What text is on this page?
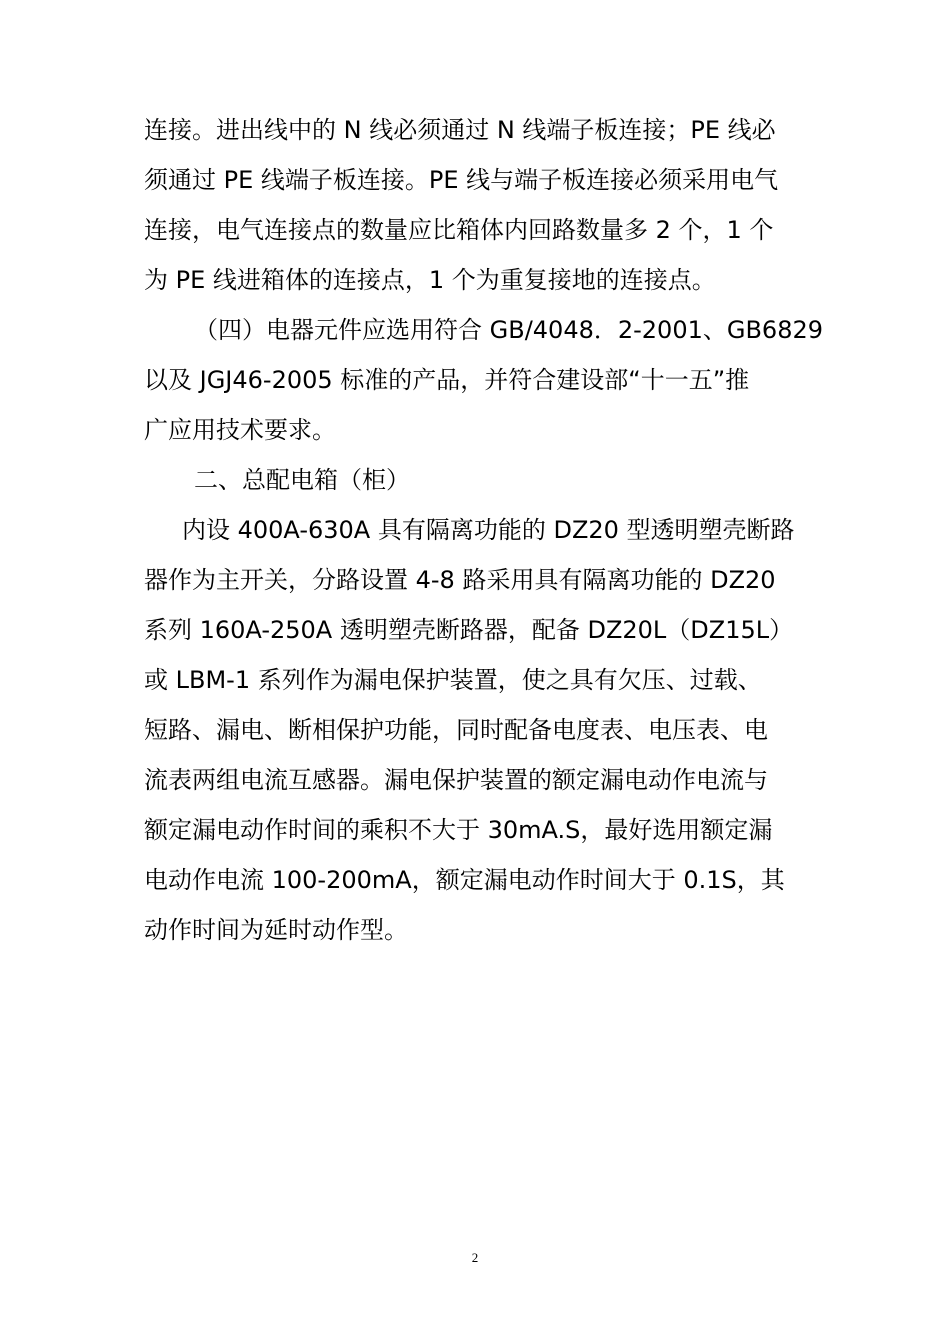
连接。进出线中的 N 线必须通过 N 线端子板连接；PE 线必
须通过 PE 线端子板连接。PE 线与端子板连接必须采用电气
连接，电气连接点的数量应比箱体内回路数量多 2 个，1 个
为 PE 线进箱体的连接点，1 个为重复接地的连接点。
（四）电器元件应选用符合 GB/4048．2-2001、GB6829
以及 JGJ46-2005 标准的产品，并符合建设部“十一五”推
广应用技术要求。
二、总配电箱（柜）
内设 400A-630A 具有隔离功能的 DZ20 型透明塑壳断路
器作为主开关，分路设置 4-8 路采用具有隔离功能的 DZ20
系列 160A-250A 透明塑壳断路器，配备 DZ20L（DZ15L）
或 LBM-1 系列作为漏电保护装置，使之具有欠压、过载、
短路、漏电、断相保护功能，同时配备电度表、电压表、电
流表两组电流互感器。漏电保护装置的额定漏电动作电流与
额定漏电动作时间的乘积不大于 30mA.S，最好选用额定漏
电动作电流 100-200mA，额定漏电动作时间大于 0.1S，其
动作时间为延时动作型。
2
